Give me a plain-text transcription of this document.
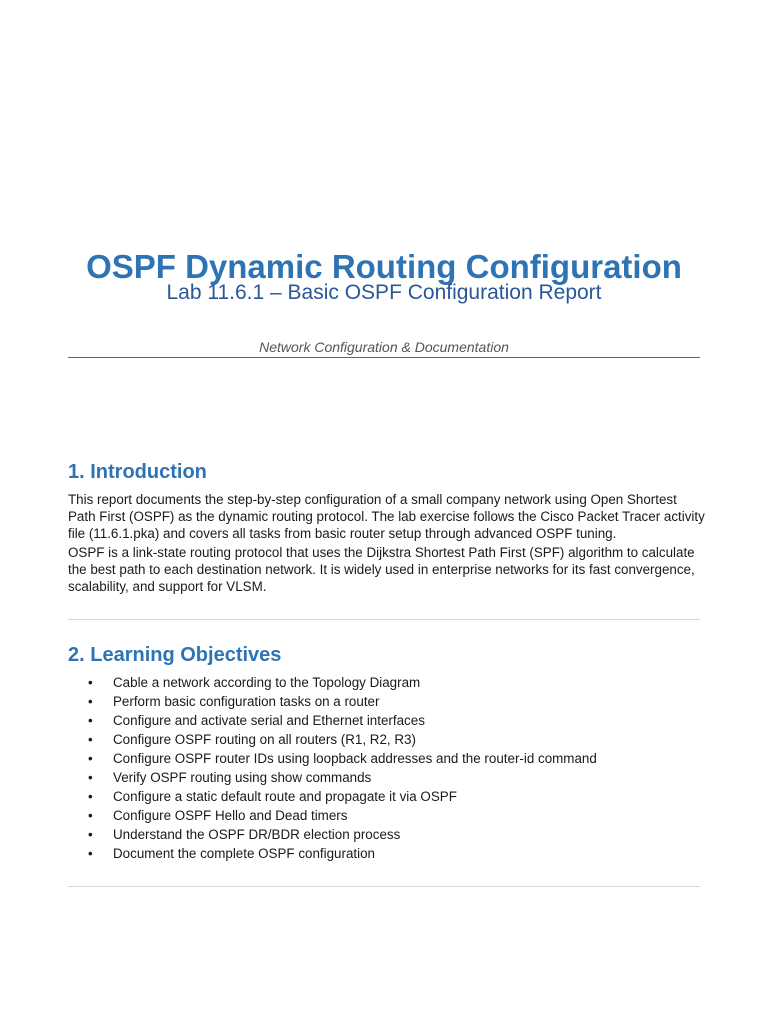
OSPF Dynamic Routing Configuration
Lab 11.6.1 – Basic OSPF Configuration Report
Network Configuration & Documentation
1. Introduction

This report documents the step-by-step configuration of a small company network using Open Shortest Path First (OSPF) as the dynamic routing protocol. The lab exercise follows the Cisco Packet Tracer activity file (11.6.1.pka) and covers all tasks from basic router setup through advanced OSPF tuning.

OSPF is a link-state routing protocol that uses the Dijkstra Shortest Path First (SPF) algorithm to calculate the best path to each destination network. It is widely used in enterprise networks for its fast convergence, scalability, and support for VLSM.

2. Learning Objectives
• Cable a network according to the Topology Diagram
• Perform basic configuration tasks on a router
• Configure and activate serial and Ethernet interfaces
• Configure OSPF routing on all routers (R1, R2, R3)
• Configure OSPF router IDs using loopback addresses and the router-id command
• Verify OSPF routing using show commands
• Configure a static default route and propagate it via OSPF
• Configure OSPF Hello and Dead timers
• Understand the OSPF DR/BDR election process
• Document the complete OSPF configuration
